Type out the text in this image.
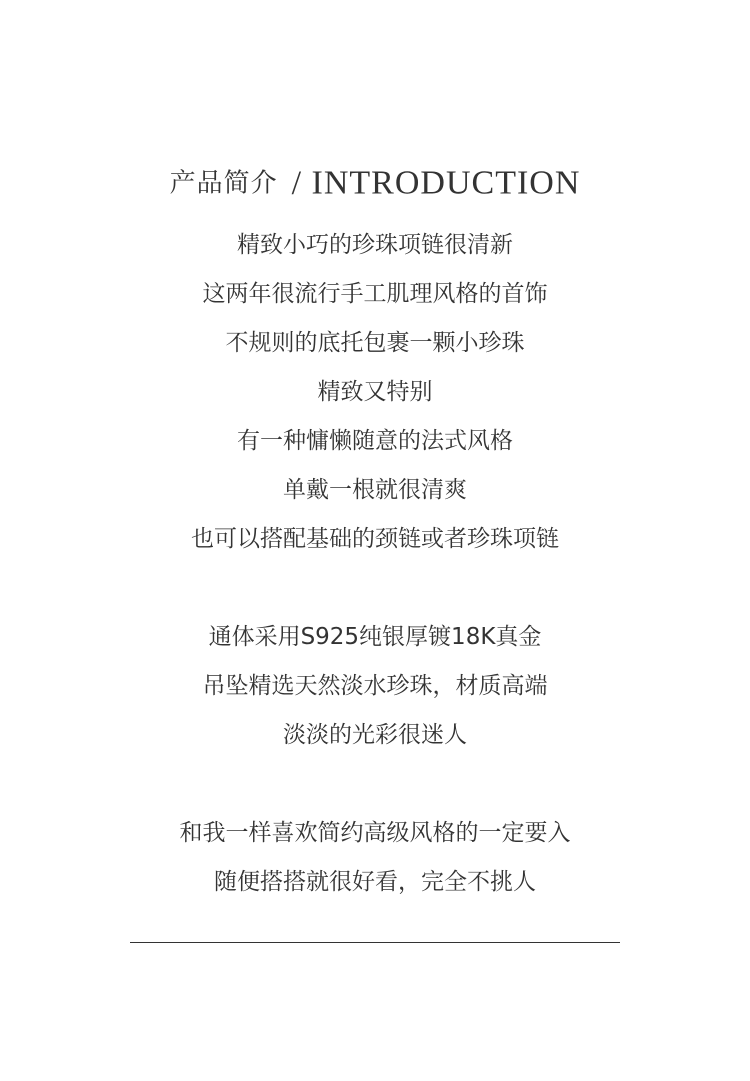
产品简介 / INTRODUCTION
精致小巧的珍珠项链很清新
这两年很流行手工肌理风格的首饰
不规则的底托包裹一颗小珍珠
精致又特别
有一种慵懒随意的法式风格
单戴一根就很清爽
也可以搭配基础的颈链或者珍珠项链
通体采用S925纯银厚镀18K真金
吊坠精选天然淡水珍珠，材质高端
淡淡的光彩很迷人
和我一样喜欢简约高级风格的一定要入
随便搭搭就很好看，完全不挑人
